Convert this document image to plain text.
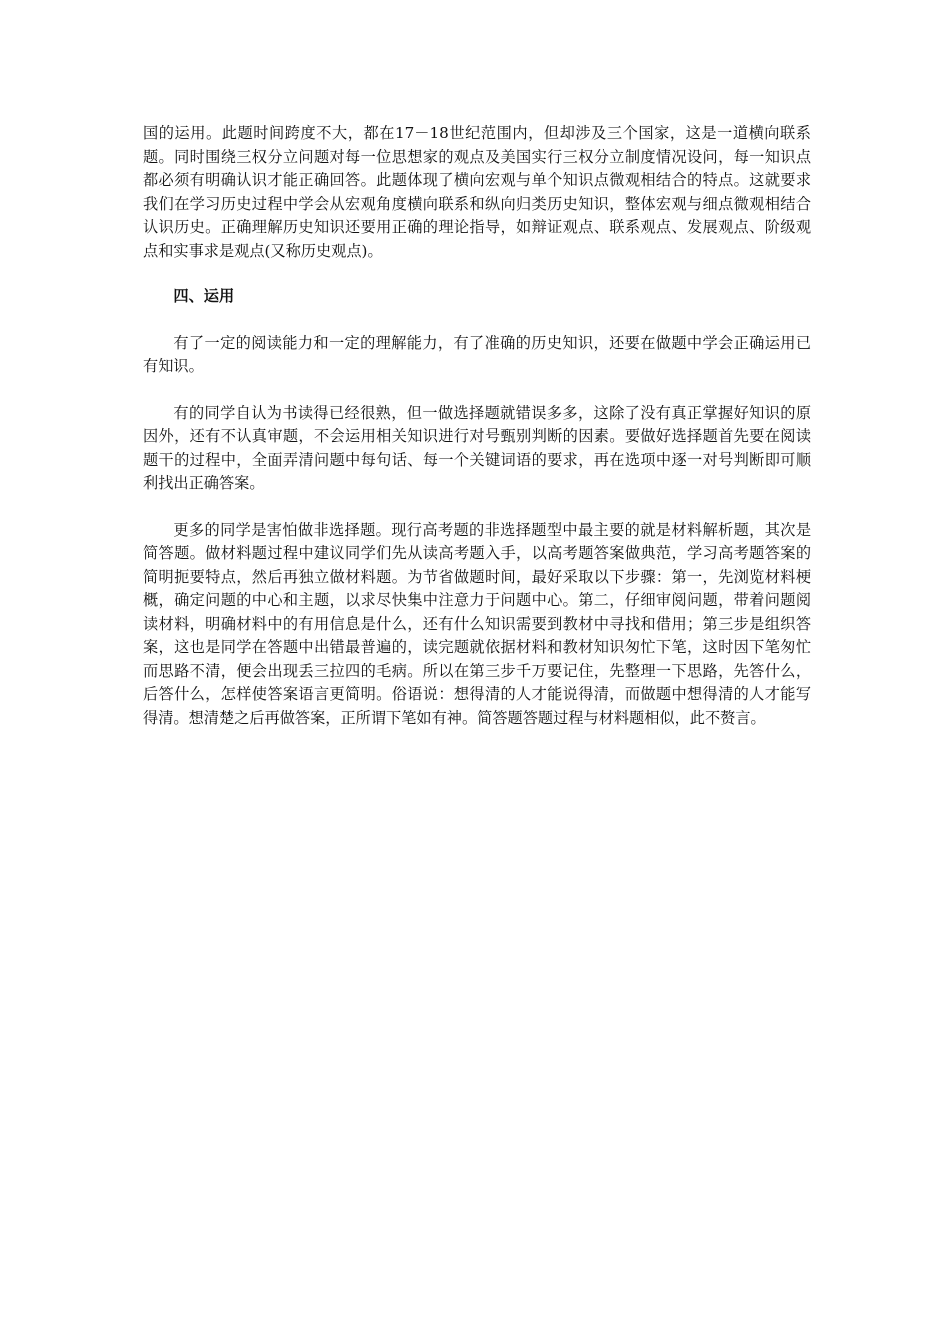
国的运用。此题时间跨度不大，都在17－18世纪范围内，但却涉及三个国家，这是一道横向联系题。同时围绕三权分立问题对每一位思想家的观点及美国实行三权分立制度情况设问，每一知识点都必须有明确认识才能正确回答。此题体现了横向宏观与单个知识点微观相结合的特点。这就要求我们在学习历史过程中学会从宏观角度横向联系和纵向归类历史知识，整体宏观与细点微观相结合认识历史。正确理解历史知识还要用正确的理论指导，如辩证观点、联系观点、发展观点、阶级观点和实事求是观点(又称历史观点)。

四、运用

有了一定的阅读能力和一定的理解能力，有了准确的历史知识，还要在做题中学会正确运用已有知识。

有的同学自认为书读得已经很熟，但一做选择题就错误多多，这除了没有真正掌握好知识的原因外，还有不认真审题，不会运用相关知识进行对号甄别判断的因素。要做好选择题首先要在阅读题干的过程中，全面弄清问题中每句话、每一个关键词语的要求，再在选项中逐一对号判断即可顺利找出正确答案。

更多的同学是害怕做非选择题。现行高考题的非选择题型中最主要的就是材料解析题，其次是简答题。做材料题过程中建议同学们先从读高考题入手，以高考题答案做典范，学习高考题答案的简明扼要特点，然后再独立做材料题。为节省做题时间，最好采取以下步骤：第一，先浏览材料梗概，确定问题的中心和主题，以求尽快集中注意力于问题中心。第二，仔细审阅问题，带着问题阅读材料，明确材料中的有用信息是什么，还有什么知识需要到教材中寻找和借用；第三步是组织答案，这也是同学在答题中出错最普遍的，读完题就依据材料和教材知识匆忙下笔，这时因下笔匆忙而思路不清，便会出现丢三拉四的毛病。所以在第三步千万要记住，先整理一下思路，先答什么，后答什么，怎样使答案语言更简明。俗语说：想得清的人才能说得清，而做题中想得清的人才能写得清。想清楚之后再做答案，正所谓下笔如有神。简答题答题过程与材料题相似，此不赘言。
